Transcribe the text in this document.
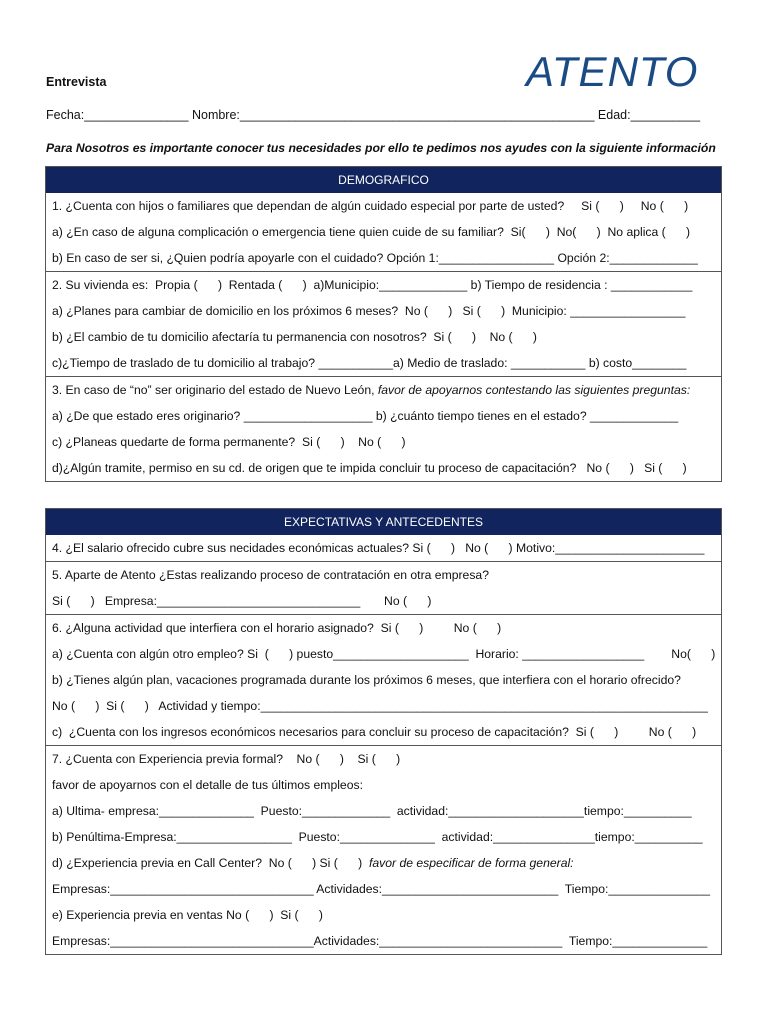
Entrevista	ATENTO
Fecha:_______________ Nombre:___________________________________________________ Edad:__________
Para Nosotros es importante conocer tus necesidades por ello te pedimos nos ayudes con la siguiente información
DEMOGRAFICO
1. ¿Cuenta con hijos o familiares que dependan de algún cuidado especial por parte de usted?     Si (      )     No (      )
a) ¿En caso de alguna complicación o emergencia tiene quien cuide de su familiar?  Si(      )  No(      )  No aplica (      )
b) En caso de ser si, ¿Quien podría apoyarle con el cuidado? Opción 1:_________________ Opción 2:_____________
2. Su vivienda es:  Propia (      )  Rentada (      )  a)Municipio:_____________ b) Tiempo de residencia : ____________
a) ¿Planes para cambiar de domicilio en los próximos 6 meses?  No (      )   Si (      )  Municipio: _________________
b) ¿El cambio de tu domicilio afectaría tu permanencia con nosotros?  Si (      )    No (      )
c)¿Tiempo de traslado de tu domicilio al trabajo? ___________a) Medio de traslado: ___________ b) costo________
3. En caso de “no” ser originario del estado de Nuevo León, favor de apoyarnos contestando las siguientes preguntas:
a) ¿De que estado eres originario? ___________________ b) ¿cuánto tiempo tienes en el estado? _____________
c) ¿Planeas quedarte de forma permanente?  Si (      )    No (      )
d)¿Algún tramite, permiso en su cd. de origen que te impida concluir tu proceso de capacitación?   No (      )   Si (      )
EXPECTATIVAS Y ANTECEDENTES
4. ¿El salario ofrecido cubre sus necidades económicas actuales? Si (      )   No (      ) Motivo:______________________
5. Aparte de Atento ¿Estas realizando proceso de contratación en otra empresa?
Si (      )   Empresa:______________________________       No (      )
6. ¿Alguna actividad que interfiera con el horario asignado?  Si (      )         No (      )
a) ¿Cuenta con algún otro empleo? Si  (      ) puesto____________________  Horario: __________________        No(      )
b) ¿Tienes algún plan, vacaciones programada durante los próximos 6 meses, que interfiera con el horario ofrecido?
No (      )  Si (      )   Actividad y tiempo:__________________________________________________________________
c)  ¿Cuenta con los ingresos económicos necesarios para concluir su proceso de capacitación?  Si (      )         No (      )
7. ¿Cuenta con Experiencia previa formal?    No (      )    Si (      )
favor de apoyarnos con el detalle de tus últimos empleos:
a) Ultima- empresa:______________  Puesto:_____________  actividad:____________________tiempo:__________
b) Penúltima-Empresa:_________________  Puesto:______________  actividad:_______________tiempo:__________
d) ¿Experiencia previa en Call Center?  No (      ) Si (      )  favor de especificar de forma general:
Empresas:______________________________ Actividades:__________________________  Tiempo:_______________
e) Experiencia previa en ventas No (      )  Si (      )
Empresas:______________________________Actividades:___________________________  Tiempo:______________
